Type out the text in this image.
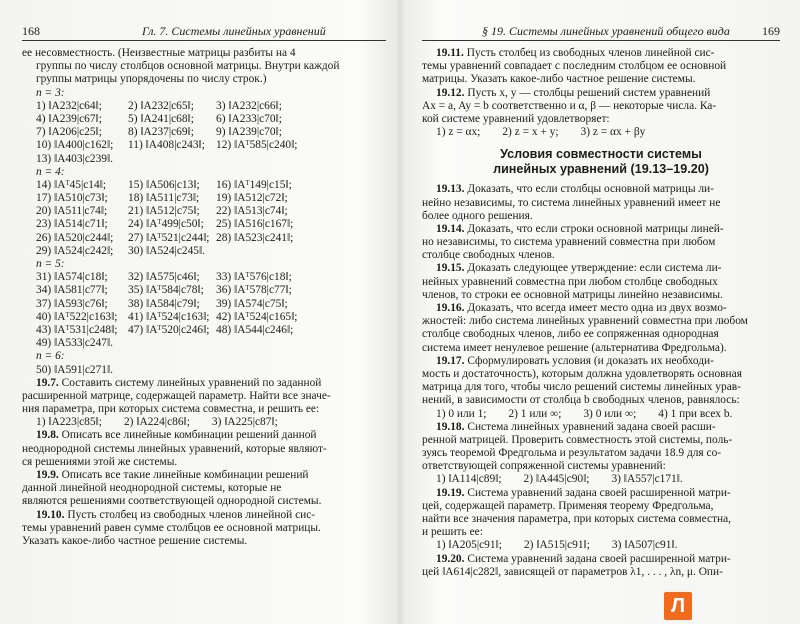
168	Гл. 7. Системы линейных уравнений
ее несовместность. (Неизвестные матрицы разбиты на 4
группы по числу столбцов основной матрицы. Внутри каждой
группы матрицы упорядочены по числу строк.)
n = 3:
1) ‖A232|c64‖; 2) ‖A232|c65‖; 3) ‖A232|c66‖;
4) ‖A239|c67‖; 5) ‖A241|c68‖; 6) ‖A233|c70‖;
7) ‖A206|c25‖; 8) ‖A237|c69‖; 9) ‖A239|c70‖;
10) ‖A400|c162‖; 11) ‖A408|c243‖; 12) ‖Aᵀ585|c240‖;
13) ‖A403|c239‖.
n = 4:
14) ‖Aᵀ45|c14‖; 15) ‖A506|c13‖; 16) ‖Aᵀ149|c15‖;
17) ‖A510|c73‖; 18) ‖A511|c73‖; 19) ‖A512|c72‖;
20) ‖A511|c74‖; 21) ‖A512|c75‖; 22) ‖A513|c74‖;
23) ‖A514|c71‖; 24) ‖Aᵀ499|c50‖; 25) ‖A516|c167‖;
26) ‖A520|c244‖; 27) ‖Aᵀ521|c244‖; 28) ‖A523|c241‖;
29) ‖A524|c242‖; 30) ‖A524|c245‖.
n = 5:
31) ‖A574|c18‖; 32) ‖A575|c46‖; 33) ‖Aᵀ576|c18‖;
34) ‖A581|c77‖; 35) ‖Aᵀ584|c78‖; 36) ‖Aᵀ578|c77‖;
37) ‖A593|c76‖; 38) ‖A584|c79‖; 39) ‖A574|c75‖;
40) ‖Aᵀ522|c163‖; 41) ‖Aᵀ524|c163‖; 42) ‖Aᵀ524|c165‖;
43) ‖Aᵀ531|c248‖; 47) ‖Aᵀ520|c246‖; 48) ‖A544|c246‖;
49) ‖A533|c247‖.
n = 6:
50) ‖A591|c271‖.
19.7. Составить систему линейных уравнений по заданной
расширенной матрице, содержащей параметр. Найти все значе-
ния параметра, при которых система совместна, и решить ее:
1) ‖A223|c85‖; 2) ‖A224|c86‖; 3) ‖A225|c87‖;
19.8. Описать все линейные комбинации решений данной
неоднородной системы линейных уравнений, которые являют-
ся решениями этой же системы.
19.9. Описать все такие линейные комбинации решений
данной линейной неоднородной системы, которые не
являются решениями соответствующей однородной системы.
19.10. Пусть столбец из свободных членов линейной сис-
темы уравнений равен сумме столбцов ее основной матрицы.
Указать какое-либо частное решение системы.
§ 19. Системы линейных уравнений общего вида	169
19.11. Пусть столбец из свободных членов линейной сис-
темы уравнений совпадает с последним столбцом ее основной
матрицы. Указать какое-либо частное решение системы.
19.12. Пусть x, y — столбцы решений систем уравнений
Ax = a, Ay = b соответственно и α, β — некоторые числа. Ка-
кой системе уравнений удовлетворяет:
1) z = αx; 2) z = x + y; 3) z = αx + βy
Условия совместности системы
линейных уравнений (19.13–19.20)
19.13. Доказать, что если столбцы основной матрицы ли-
нейно независимы, то система линейных уравнений имеет не
более одного решения.
19.14. Доказать, что если строки основной матрицы линей-
но независимы, то система уравнений совместна при любом
столбце свободных членов.
19.15. Доказать следующее утверждение: если система ли-
нейных уравнений совместна при любом столбце свободных
членов, то строки ее основной матрицы линейно независимы.
19.16. Доказать, что всегда имеет место одна из двух возмо-
жностей: либо система линейных уравнений совместна при любом
столбце свободных членов, либо ее сопряженная однородная
система имеет ненулевое решение (альтернатива Фредгольма).
19.17. Сформулировать условия (и доказать их необходи-
мость и достаточность), которым должна удовлетворять основная
матрица для того, чтобы число решений системы линейных урав-
нений, в зависимости от столбца b свободных членов, равнялось:
1) 0 или 1; 2) 1 или ∞; 3) 0 или ∞; 4) 1 при всех b.
19.18. Система линейных уравнений задана своей расши-
ренной матрицей. Проверить совместность этой системы, поль-
зуясь теоремой Фредгольма и результатом задачи 18.9 для со-
ответствующей сопряженной системы уравнений:
1) ‖A114|c89‖; 2) ‖A445|c90‖; 3) ‖A557|c171‖.
19.19. Система уравнений задана своей расширенной матри-
цей, содержащей параметр. Применяя теорему Фредгольма,
найти все значения параметра, при которых система совместна,
и решить ее:
1) ‖A205|c91‖; 2) ‖A515|c91‖; 3) ‖A507|c91‖.
19.20. Система уравнений задана своей расширенной матри-
цей ‖A614|c282‖, зависящей от параметров λ1, . . . , λn, μ. Опи-
Л
